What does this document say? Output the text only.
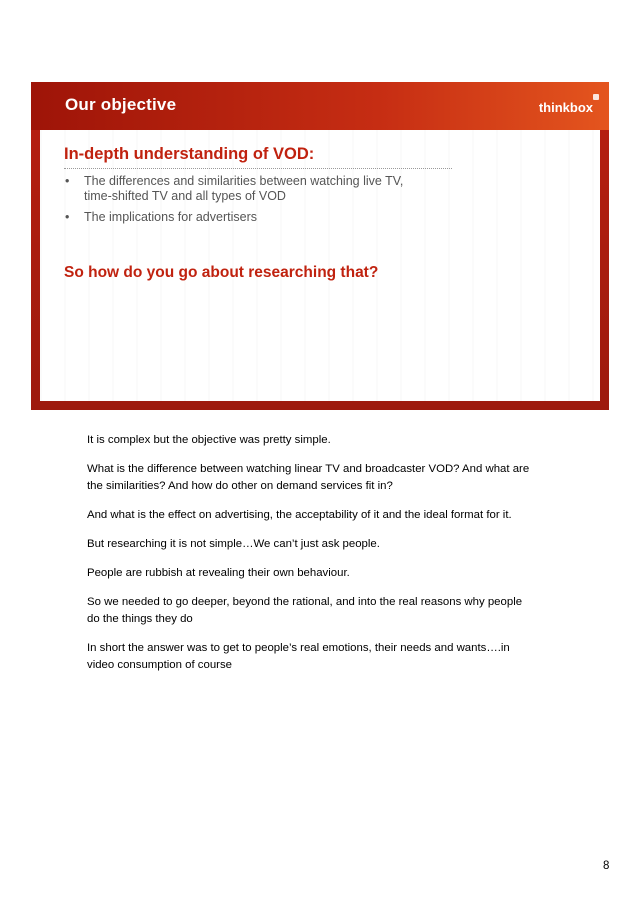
Our objective	thinkbox
In-depth understanding of VOD:
• The differences and similarities between watching live TV,
time-shifted TV and all types of VOD
• The implications for advertisers
So how do you go about researching that?

It is complex but the objective was pretty simple.

What is the difference between watching linear TV and broadcaster VOD? And what are
the similarities? And how do other on demand services fit in?

And what is the effect on advertising, the acceptability of it and the ideal format for it.

But researching it is not simple…We can’t just ask people.

People are rubbish at revealing their own behaviour.

So we needed to go deeper, beyond the rational, and into the real reasons why people
do the things they do

In short the answer was to get to people’s real emotions, their needs and wants….in
video consumption of course

8
